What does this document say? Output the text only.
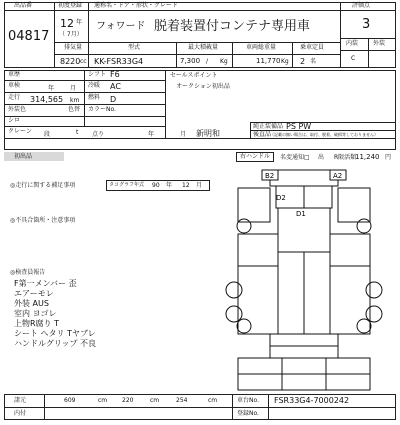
出品番
04817
初度登録
12 年
（ 7月）
通称名・ドア・形状・グレード
フォワード 脱着装置付コンテナ専用車
評価点
3
内装 外装
C
排気量
8220 cc
型式
KK-FSR33G4
最大積載量
7,300 / Kg
車両総重量
11,770 Kg
乗車定員
2 名
車歴	シフト F6
車検	年	月 冷暖 AC
走行 314,565 km 燃料 D
外装色
シロ
色替 カラーNo.
クレーン 段	t 点り	年	月 新明和
セールスポイント
オークション初出品
純正装備品 PS PW
後直品
（記載の無い場合は、取付、脱着、破損等しておりません）
初出品	右ハンドル	名変通知 □ 出 R限活類
11,240 円
◎走行に関する補足事項	タコグラフ年式 90 年 12 月
◎不具合箇所・注意事項
◎検査員報告
F第一メンバー 歪
エアーモレ
外装 AUS
室内 ヨゴレ
上物R腐り T
シート ヘタリ Tヤブレ
ハンドルグリップ 不良
B2	A2
D2
D1
諸元	609	cm 220	cm	254	cm	車台No. FSR33G4-7000242
内付	登録No.
